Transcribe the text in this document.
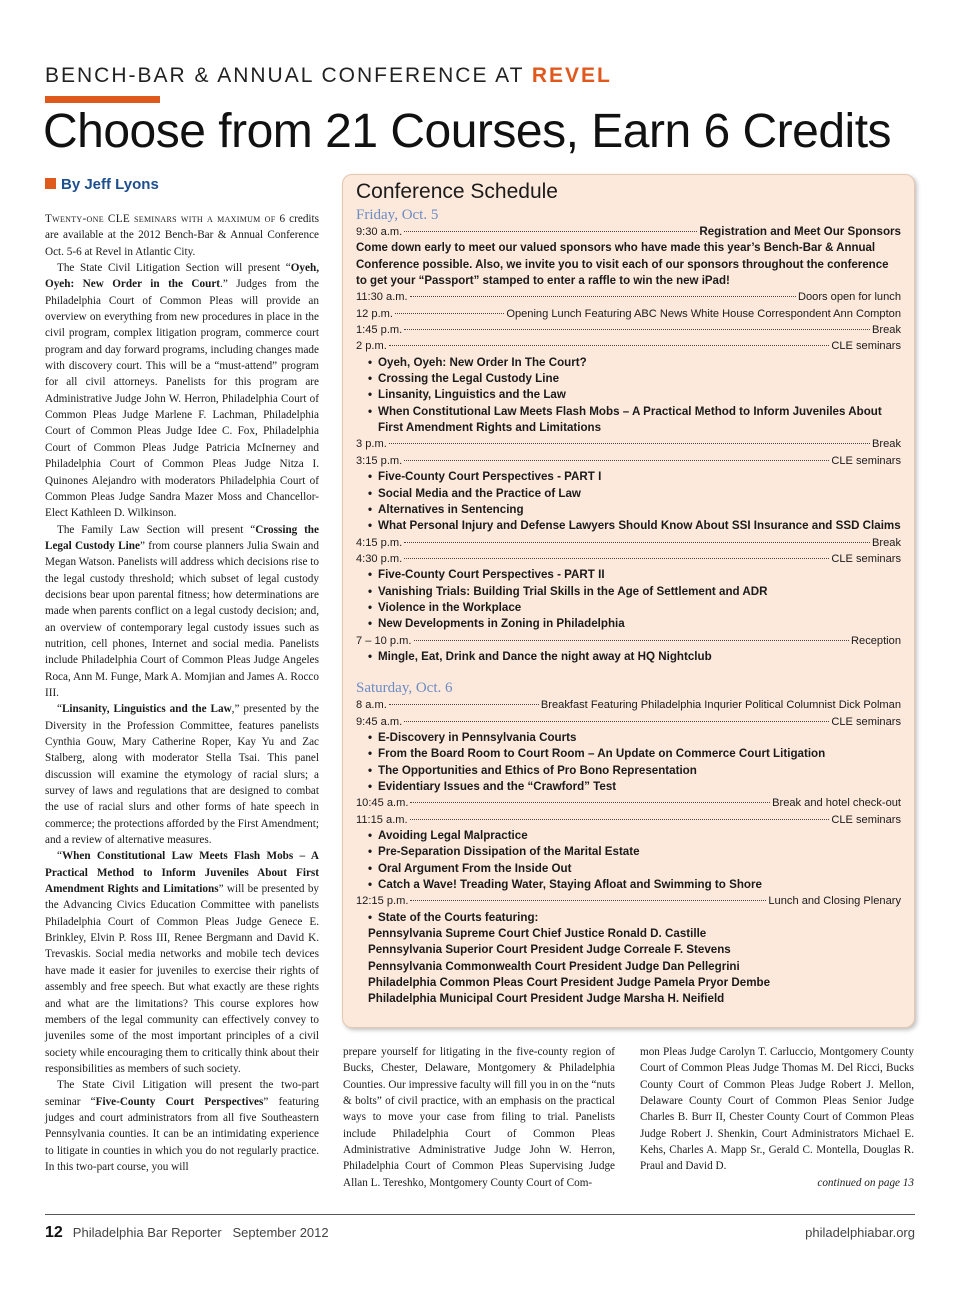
BENCH-BAR & ANNUAL CONFERENCE AT REVEL
Choose from 21 Courses, Earn 6 Credits
By Jeff Lyons

Twenty-one CLE seminars with a maximum of 6 credits are available at the 2012 Bench-Bar & Annual Conference Oct. 5-6 at Revel in Atlantic City.

The State Civil Litigation Section will present “Oyeh, Oyeh: New Order in the Court.” Judges from the Philadelphia Court of Common Pleas will provide an overview on everything from new procedures in place in the civil program, complex litigation program, commerce court program and day forward programs, including changes made with discovery court. This will be a “must-attend” program for all civil attorneys. Panelists for this program are Administrative Judge John W. Herron, Philadelphia Court of Common Pleas Judge Marlene F. Lachman, Philadelphia Court of Common Pleas Judge Idee C. Fox, Philadelphia Court of Common Pleas Judge Patricia McInerney and Philadelphia Court of Common Pleas Judge Nitza I. Quinones Alejandro with moderators Philadelphia Court of Common Pleas Judge Sandra Mazer Moss and Chancellor-Elect Kathleen D. Wilkinson.

The Family Law Section will present “Crossing the Legal Custody Line” from course planners Julia Swain and Megan Watson. Panelists will address which decisions rise to the legal custody threshold; which subset of legal custody decisions bear upon parental fitness; how determinations are made when parents conflict on a legal custody decision; and, an overview of contemporary legal custody issues such as nutrition, cell phones, Internet and social media. Panelists include Philadelphia Court of Common Pleas Judge Angeles Roca, Ann M. Funge, Mark A. Momjian and James A. Rocco III.

“Linsanity, Linguistics and the Law,” presented by the Diversity in the Profession Committee, features panelists Cynthia Gouw, Mary Catherine Roper, Kay Yu and Zac Stalberg, along with moderator Stella Tsai. This panel discussion will examine the etymology of racial slurs; a survey of laws and regulations that are designed to combat the use of racial slurs and other forms of hate speech in commerce; the protections afforded by the First Amendment; and a review of alternative measures.

“When Constitutional Law Meets Flash Mobs – A Practical Method to Inform Juveniles About First Amendment Rights and Limitations” will be presented by the Advancing Civics Education Committee with panelists Philadelphia Court of Common Pleas Judge Genece E. Brinkley, Elvin P. Ross III, Renee Bergmann and David K. Trevaskis. Social media networks and mobile tech devices have made it easier for juveniles to exercise their rights of assembly and free speech. But what exactly are these rights and what are the limitations? This course explores how members of the legal community can effectively convey to juveniles some of the most important principles of a civil society while encouraging them to critically think about their responsibilities as members of such society.

The State Civil Litigation will present the two-part seminar “Five-County Court Perspectives” featuring judges and court administrators from all five Southeastern Pennsylvania counties. It can be an intimidating experience to litigate in counties in which you do not regularly practice. In this two-part course, you will

Conference Schedule
Friday, Oct. 5
9:30 a.m.	Registration and Meet Our Sponsors
Come down early to meet our valued sponsors who have made this year’s Bench-Bar & Annual Conference possible. Also, we invite you to visit each of our sponsors throughout the conference to get your “Passport” stamped to enter a raffle to win the new iPad!
11:30 a.m.	Doors open for lunch
12 p.m.	Opening Lunch Featuring ABC News White House Correspondent Ann Compton
1:45 p.m.	Break
2 p.m.	CLE seminars
• Oyeh, Oyeh: New Order In The Court?
• Crossing the Legal Custody Line
• Linsanity, Linguistics and the Law
• When Constitutional Law Meets Flash Mobs – A Practical Method to Inform Juveniles About First Amendment Rights and Limitations
3 p.m.	Break
3:15 p.m.	CLE seminars
• Five-County Court Perspectives - PART I
• Social Media and the Practice of Law
• Alternatives in Sentencing
• What Personal Injury and Defense Lawyers Should Know About SSI Insurance and SSD Claims
4:15 p.m.	Break
4:30 p.m.	CLE seminars
• Five-County Court Perspectives - PART II
• Vanishing Trials: Building Trial Skills in the Age of Settlement and ADR
• Violence in the Workplace
• New Developments in Zoning in Philadelphia
7 – 10 p.m.	Reception
• Mingle, Eat, Drink and Dance the night away at HQ Nightclub
Saturday, Oct. 6
8 a.m.	Breakfast Featuring Philadelphia Inqurier Political Columnist Dick Polman
9:45 a.m.	CLE seminars
• E-Discovery in Pennsylvania Courts
• From the Board Room to Court Room – An Update on Commerce Court Litigation
• The Opportunities and Ethics of Pro Bono Representation
• Evidentiary Issues and the “Crawford” Test
10:45 a.m.	Break and hotel check-out
11:15 a.m.	CLE seminars
• Avoiding Legal Malpractice
• Pre-Separation Dissipation of the Marital Estate
• Oral Argument From the Inside Out
• Catch a Wave! Treading Water, Staying Afloat and Swimming to Shore
12:15 p.m.	Lunch and Closing Plenary
• State of the Courts featuring:
Pennsylvania Supreme Court Chief Justice Ronald D. Castille
Pennsylvania Superior Court President Judge Correale F. Stevens
Pennsylvania Commonwealth Court President Judge Dan Pellegrini
Philadelphia Common Pleas Court President Judge Pamela Pryor Dembe
Philadelphia Municipal Court President Judge Marsha H. Neifield

prepare yourself for litigating in the five-county region of Bucks, Chester, Delaware, Montgomery & Philadelphia Counties. Our impressive faculty will fill you in on the “nuts & bolts” of civil practice, with an emphasis on the practical ways to move your case from filing to trial. Panelists include Philadelphia Court of Common Pleas Administrative Administrative Judge John W. Herron, Philadelphia Court of Common Pleas Supervising Judge Allan L. Tereshko, Montgomery County Court of Com-

mon Pleas Judge Carolyn T. Carluccio, Montgomery County Court of Common Pleas Judge Thomas M. Del Ricci, Bucks County Court of Common Pleas Judge Robert J. Mellon, Delaware County Court of Common Pleas Senior Judge Charles B. Burr II, Chester County Court of Common Pleas Judge Robert J. Shenkin, Court Administrators Michael E. Kehs, Charles A. Mapp Sr., Gerald C. Montella, Douglas R. Praul and David D.

continued on page 13

12 Philadelphia Bar Reporter   September 2012	philadelphiabar.org
